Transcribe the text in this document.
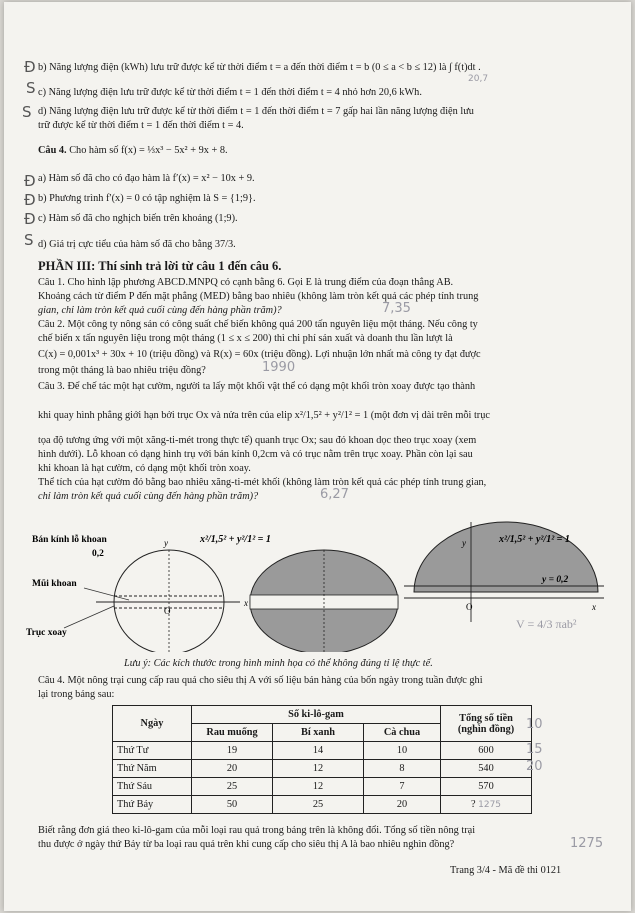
Đ
S
S
Đ
Đ
Đ
S
b) Năng lượng điện (kWh) lưu trữ được kể từ thời điểm t = a đến thời điểm t = b (0 ≤ a < b ≤ 12) là ∫ f(t)dt .
c) Năng lượng điện lưu trữ được kể từ thời điểm t = 1 đến thời điểm t = 4 nhỏ hơn 20,6 kWh.
20,7
d) Năng lượng điện lưu trữ được kể từ thời điểm t = 1 đến thời điểm t = 7 gấp hai lần năng lượng điện lưu
trữ được kể từ thời điểm t = 1 đến thời điểm t = 4.
Câu 4. Cho hàm số f(x) = ⅓x³ − 5x² + 9x + 8.
a) Hàm số đã cho có đạo hàm là f′(x) = x² − 10x + 9.
b) Phương trình f′(x) = 0 có tập nghiệm là S = {1;9}.
c) Hàm số đã cho nghịch biến trên khoảng (1;9).
d) Giá trị cực tiểu của hàm số đã cho bằng 37/3.
PHẦN III: Thí sinh trả lời từ câu 1 đến câu 6.
Câu 1. Cho hình lập phương ABCD.MNPQ có cạnh bằng 6. Gọi E là trung điểm của đoạn thẳng AB.
Khoảng cách từ điểm P đến mặt phẳng (MED) bằng bao nhiêu (không làm tròn kết quả các phép tính trung
gian, chỉ làm tròn kết quả cuối cùng đến hàng phần trăm)?	7,35
Câu 2. Một công ty nông sản có công suất chế biến không quá 200 tấn nguyên liệu một tháng. Nếu công ty
chế biến x tấn nguyên liệu trong một tháng (1 ≤ x ≤ 200) thì chi phí sản xuất và doanh thu lần lượt là
C(x) = 0,001x³ + 30x + 10 (triệu đồng) và R(x) = 60x (triệu đồng). Lợi nhuận lớn nhất mà công ty đạt được
trong một tháng là bao nhiêu triệu đồng?	1990
Câu 3. Để chế tác một hạt cườm, người ta lấy một khối vật thể có dạng một khối tròn xoay được tạo thành
khi quay hình phẳng giới hạn bởi trục Ox và nửa trên của elip x²/1,5² + y²/1² = 1 (một đơn vị dài trên mỗi trục
tọa độ tương ứng với một xăng-ti-mét trong thực tế) quanh trục Ox; sau đó khoan dọc theo trục xoay (xem
hình dưới). Lỗ khoan có dạng hình trụ với bán kính 0,2cm và có trục nằm trên trục xoay. Phần còn lại sau
khi khoan là hạt cườm, có dạng một khối tròn xoay.
Thể tích của hạt cườm đó bằng bao nhiêu xăng-ti-mét khối (không làm tròn kết quả các phép tính trung gian,
chỉ làm tròn kết quả cuối cùng đến hàng phần trăm)?	6,27
Bán kính lỗ khoan
0,2
Mũi khoan
Trục xoay
O
x
y	x²/1,5² + y²/1² = 1
y = 0,2
O	x
y	x²/1,5² + y²/1² = 1
V = 4/3 πab²
Lưu ý: Các kích thước trong hình minh họa có thể không đúng tỉ lệ thực tế.
Câu 4. Một nông trại cung cấp rau quả cho siêu thị A với số liệu bán hàng của bốn ngày trong tuần được ghi
lại trong bảng sau:
Ngày	Số ki-lô-gam			Tổng số tiền (nghìn đồng)
	Rau muống	Bí xanh	Cà chua	
Thứ Tư	19	14	10	600
Thứ Năm	20	12	8	540
Thứ Sáu	25	12	7	570
Thứ Bảy	50	25	20	? 1275
10
15
20
Biết rằng đơn giá theo ki-lô-gam của mỗi loại rau quả trong bảng trên là không đổi. Tổng số tiền nông trại
thu được ở ngày thứ Bảy từ ba loại rau quả trên khi cung cấp cho siêu thị A là bao nhiêu nghìn đồng?	1275
Trang 3/4 - Mã đề thi 0121
